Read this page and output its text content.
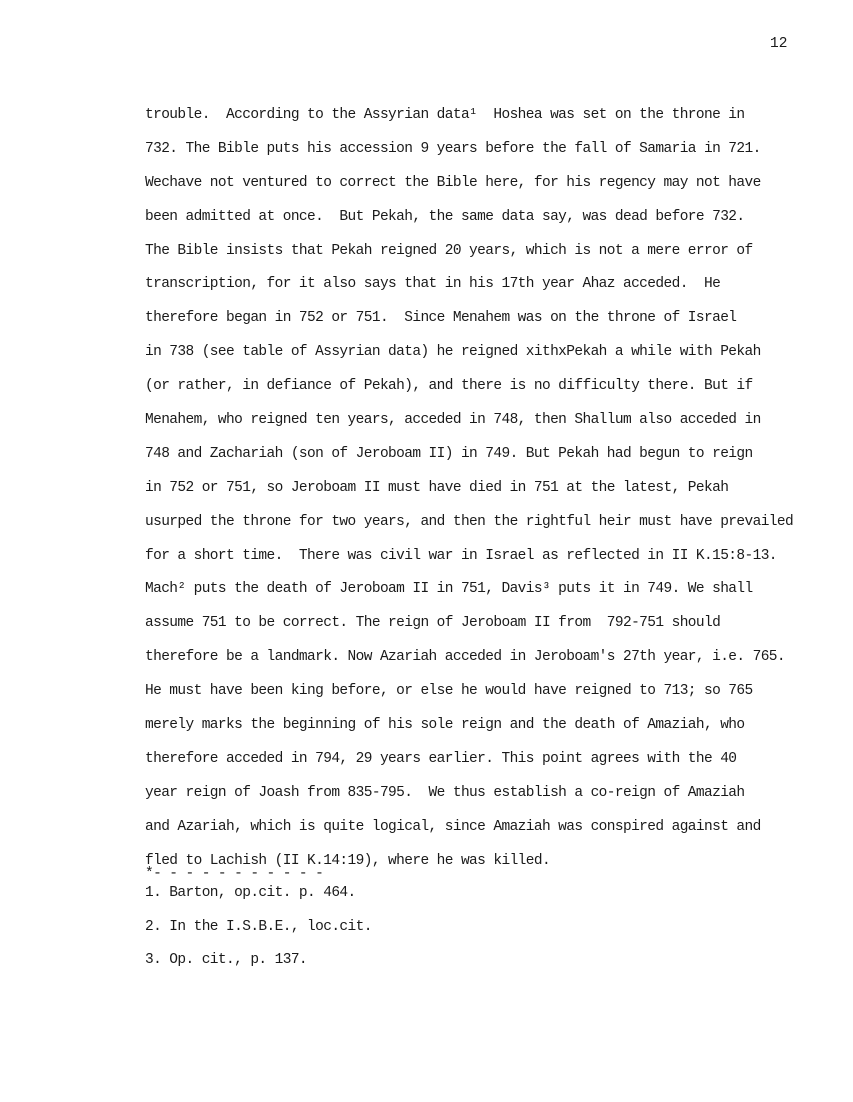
12
trouble.  According to the Assyrian data¹  Hoshea was set on the throne in
732. The Bible puts his accession 9 years before the fall of Samaria in 721.
Wechave not ventured to correct the Bible here, for his regency may not have
been admitted at once.  But Pekah, the same data say, was dead before 732.
The Bible insists that Pekah reigned 20 years, which is not a mere error of
transcription, for it also says that in his 17th year Ahaz acceded.  He
therefore began in 752 or 751.  Since Menahem was on the throne of Israel
in 738 (see table of Assyrian data) he reigned xithxPekah a while with Pekah
(or rather, in defiance of Pekah), and there is no difficulty there. But if
Menahem, who reigned ten years, acceded in 748, then Shallum also acceded in
748 and Zachariah (son of Jeroboam II) in 749. But Pekah had begun to reign
in 752 or 751, so Jeroboam II must have died in 751 at the latest, Pekah
usurped the throne for two years, and then the rightful heir must have prevailed
for a short time.  There was civil war in Israel as reflected in II K.15:8-13.
Mach² puts the death of Jeroboam II in 751, Davis³ puts it in 749. We shall
assume 751 to be correct. The reign of Jeroboam II from  792-751 should
therefore be a landmark. Now Azariah acceded in Jeroboam's 27th year, i.e. 765.
He must have been king before, or else he would have reigned to 713; so 765
merely marks the beginning of his sole reign and the death of Amaziah, who
therefore acceded in 794, 29 years earlier. This point agrees with the 40
year reign of Joash from 835-795.  We thus establish a co-reign of Amaziah
and Azariah, which is quite logical, since Amaziah was conspired against and
fled to Lachish (II K.14:19), where he was killed.
*- - - - - - - - - - -
1. Barton, op.cit. p. 464.
2. In the I.S.B.E., loc.cit.
3. Op. cit., p. 137.
